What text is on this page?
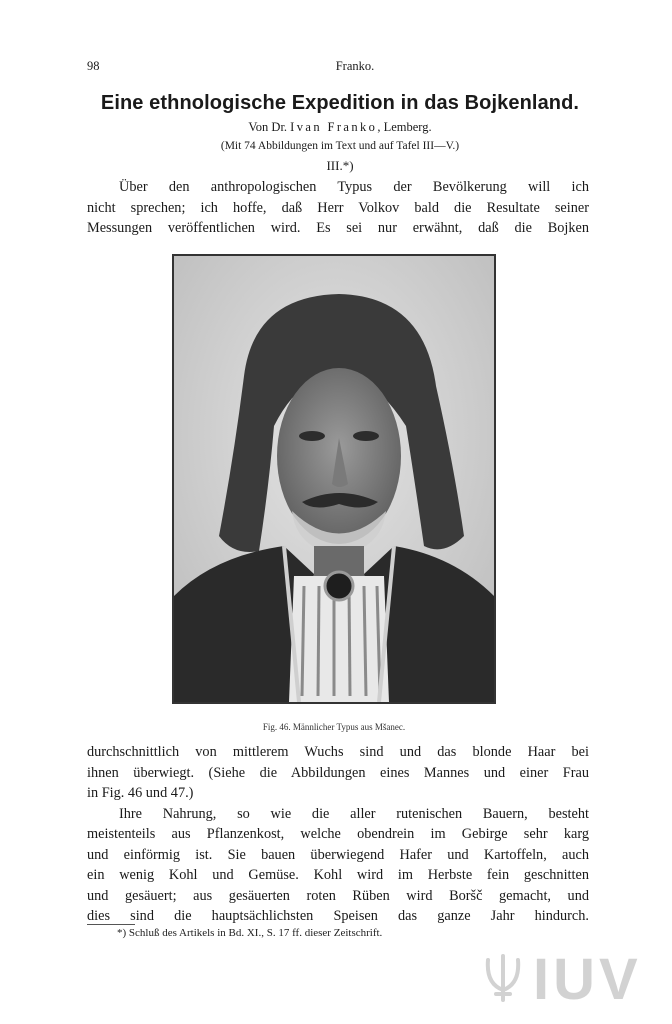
98	Franko.
Eine ethnologische Expedition in das Bojkenland.
Von Dr. Ivan Franko, Lemberg.
(Mit 74 Abbildungen im Text und auf Tafel III—V.)
III.*)
Über den anthropologischen Typus der Bevölkerung will ich
nicht sprechen; ich hoffe, daß Herr Volkov bald die Resultate seiner
Messungen veröffentlichen wird. Es sei nur erwähnt, daß die Bojken
Fig. 46. Männlicher Typus aus Mšanec.
durchschnittlich von mittlerem Wuchs sind und das blonde Haar bei
ihnen überwiegt. (Siehe die Abbildungen eines Mannes und einer Frau
in Fig. 46 und 47.)
Ihre Nahrung, so wie die aller rutenischen Bauern, besteht
meistenteils aus Pflanzenkost, welche obendrein im Gebirge sehr karg
und einförmig ist. Sie bauen überwiegend Hafer und Kartoffeln, auch
ein wenig Kohl und Gemüse. Kohl wird im Herbste fein geschnitten
und gesäuert; aus gesäuerten roten Rüben wird Boršč gemacht, und
dies sind die hauptsächlichsten Speisen das ganze Jahr hindurch.
*) Schluß des Artikels in Bd. XI., S. 17 ff. dieser Zeitschrift.
IUV
